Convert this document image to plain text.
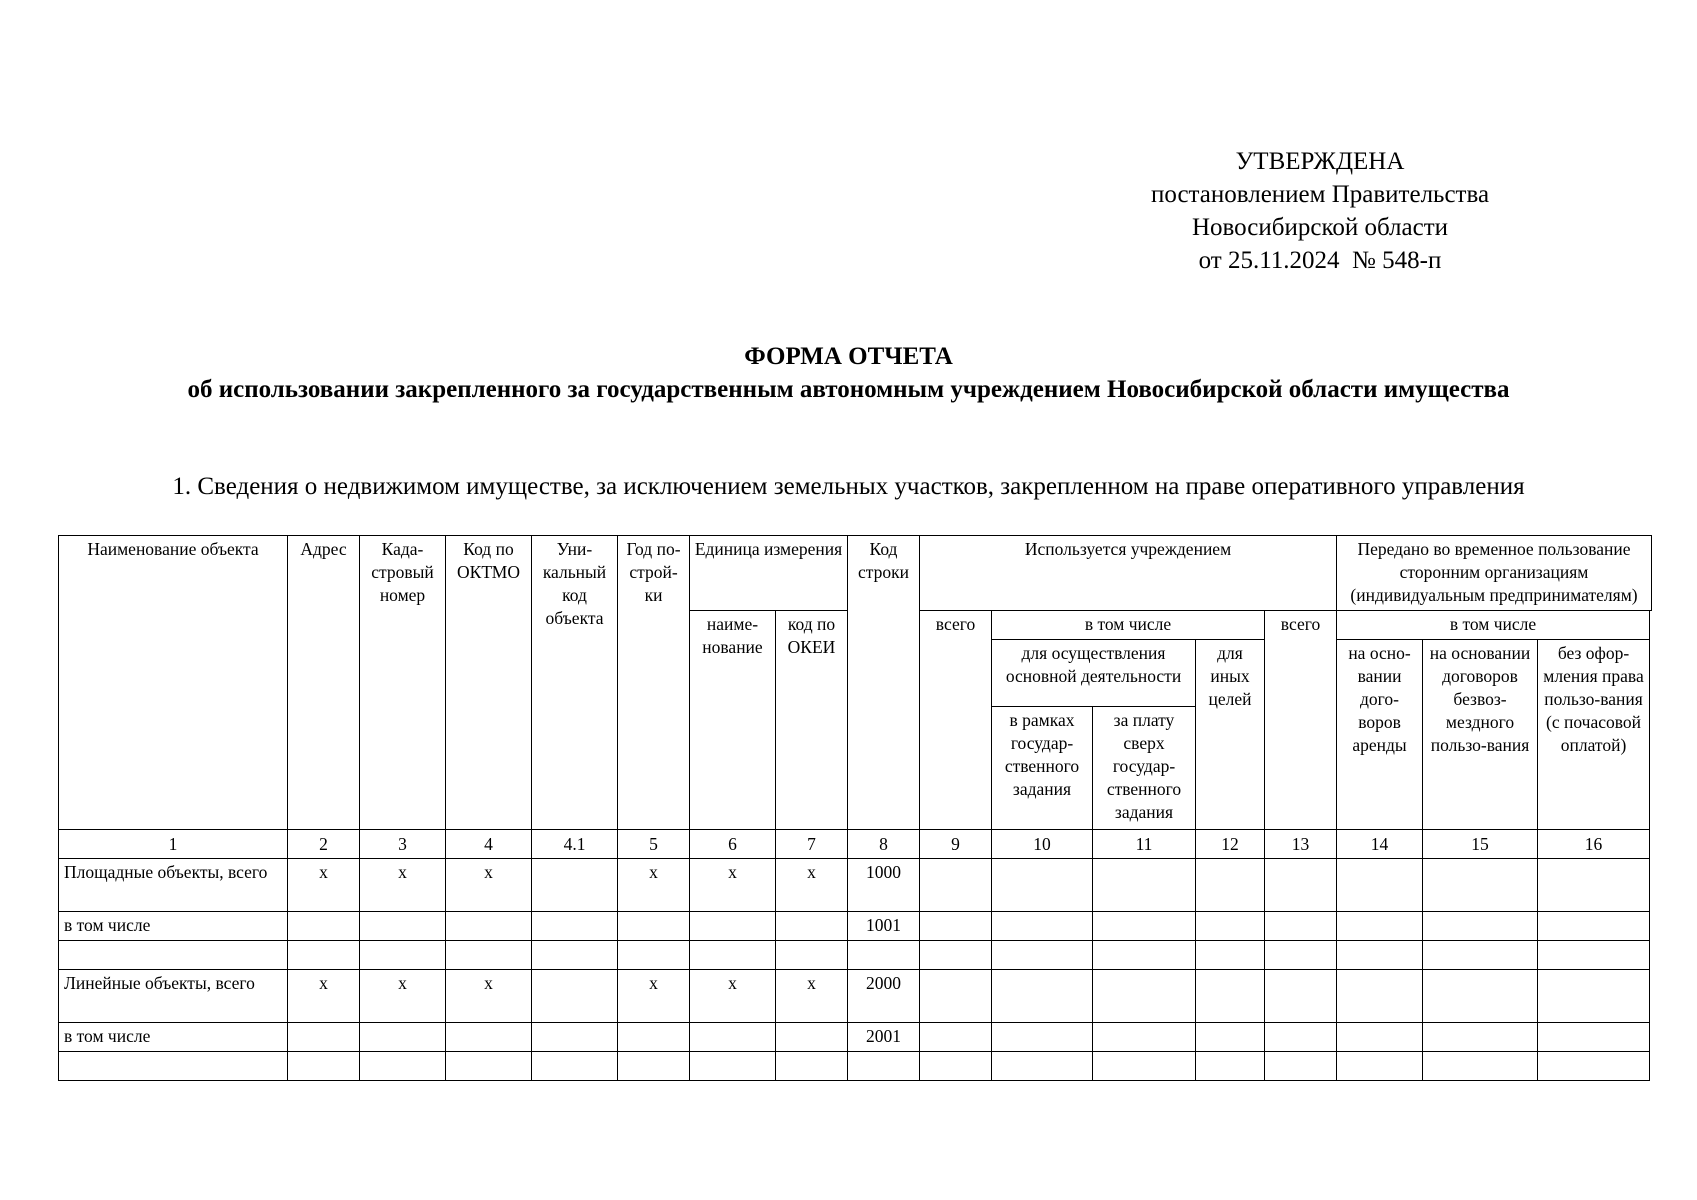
УТВЕРЖДЕНА
постановлением Правительства
Новосибирской области
от 25.11.2024  № 548-п
ФОРМА ОТЧЕТА
об использовании закрепленного за государственным автономным учреждением Новосибирской области имущества
1. Сведения о недвижимом имуществе, за исключением земельных участков, закрепленном на праве оперативного управления
Наименование объекта	Адрес	Када-стровый номер	Код по ОКТМО	Уни-кальный код объекта	Год по-строй-ки	Единица измерения		Код строки	Используется учреждением					Передано во временное пользование сторонним организациям (индивидуальным предпринимателям)		
						наиме-нование	код по ОКЕИ		всего	в том числе			всего	в том числе		
										для осуществления основной деятельности		для иных целей		на осно-вании дого-воров аренды	на основании договоров безвоз-мездного пользо-вания	без офор-мления права пользо-вания (с почасовой оплатой)
										в рамках государ-ственного задания	за плату сверх государ-ственного задания					
1	2	3	4	4.1	5	6	7	8	9	10	11	12	13	14	15	16
Площадные объекты, всего	х	х	х		х	х	х	1000								
в том числе								1001								

Линейные объекты, всего	х	х	х		х	х	х	2000								
в том числе								2001								
